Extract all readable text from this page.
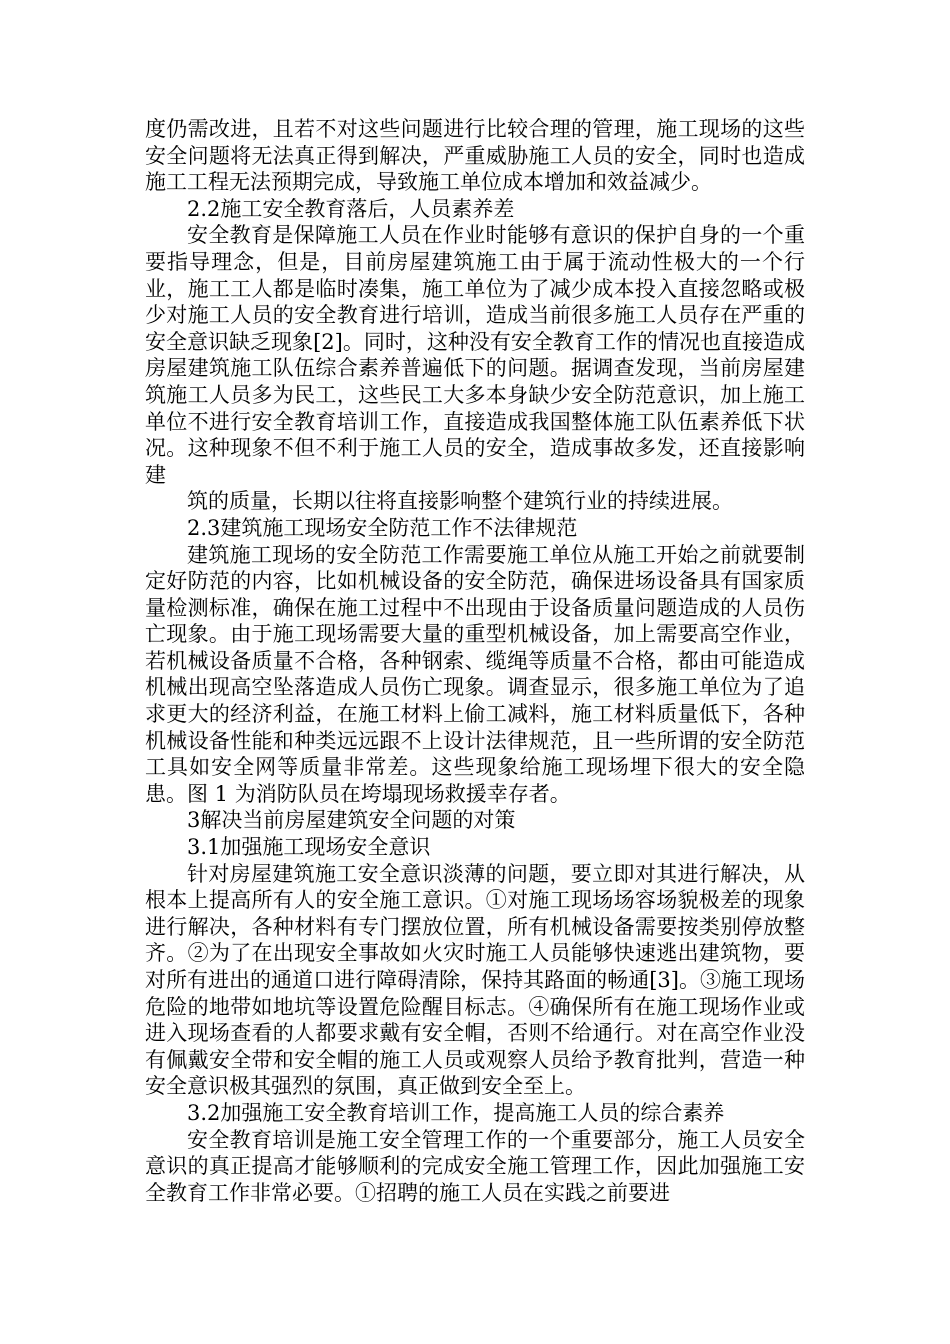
度仍需改进，且若不对这些问题进行比较合理的管理，施工现场的这些安全问题将无法真正得到解决，严重威胁施工人员的安全，同时也造成施工工程无法预期完成，导致施工单位成本增加和效益减少。

2.2施工安全教育落后，人员素养差

安全教育是保障施工人员在作业时能够有意识的保护自身的一个重要指导理念，但是，目前房屋建筑施工由于属于流动性极大的一个行业，施工工人都是临时凑集，施工单位为了减少成本投入直接忽略或极少对施工人员的安全教育进行培训，造成当前很多施工人员存在严重的安全意识缺乏现象[2]。同时，这种没有安全教育工作的情况也直接造成房屋建筑施工队伍综合素养普遍低下的问题。据调查发现，当前房屋建筑施工人员多为民工，这些民工大多本身缺少安全防范意识，加上施工单位不进行安全教育培训工作，直接造成我国整体施工队伍素养低下状况。这种现象不但不利于施工人员的安全，造成事故多发，还直接影响建

筑的质量，长期以往将直接影响整个建筑行业的持续进展。

2.3建筑施工现场安全防范工作不法律规范

建筑施工现场的安全防范工作需要施工单位从施工开始之前就要制定好防范的内容，比如机械设备的安全防范，确保进场设备具有国家质量检测标准，确保在施工过程中不出现由于设备质量问题造成的人员伤亡现象。由于施工现场需要大量的重型机械设备，加上需要高空作业，若机械设备质量不合格，各种钢索、缆绳等质量不合格，都由可能造成机械出现高空坠落造成人员伤亡现象。调查显示，很多施工单位为了追求更大的经济利益，在施工材料上偷工减料，施工材料质量低下，各种机械设备性能和种类远远跟不上设计法律规范，且一些所谓的安全防范工具如安全网等质量非常差。这些现象给施工现场埋下很大的安全隐患。图 1 为消防队员在垮塌现场救援幸存者。

3解决当前房屋建筑安全问题的对策

3.1加强施工现场安全意识

针对房屋建筑施工安全意识淡薄的问题，要立即对其进行解决，从根本上提高所有人的安全施工意识。①对施工现场场容场貌极差的现象进行解决，各种材料有专门摆放位置，所有机械设备需要按类别停放整齐。②为了在出现安全事故如火灾时施工人员能够快速逃出建筑物，要对所有进出的通道口进行障碍清除，保持其路面的畅通[3]。③施工现场危险的地带如地坑等设置危险醒目标志。④确保所有在施工现场作业或进入现场查看的人都要求戴有安全帽，否则不给通行。对在高空作业没有佩戴安全带和安全帽的施工人员或观察人员给予教育批判，营造一种安全意识极其强烈的氛围，真正做到安全至上。

3.2加强施工安全教育培训工作，提高施工人员的综合素养

安全教育培训是施工安全管理工作的一个重要部分，施工人员安全意识的真正提高才能够顺利的完成安全施工管理工作，因此加强施工安全教育工作非常必要。①招聘的施工人员在实践之前要进
